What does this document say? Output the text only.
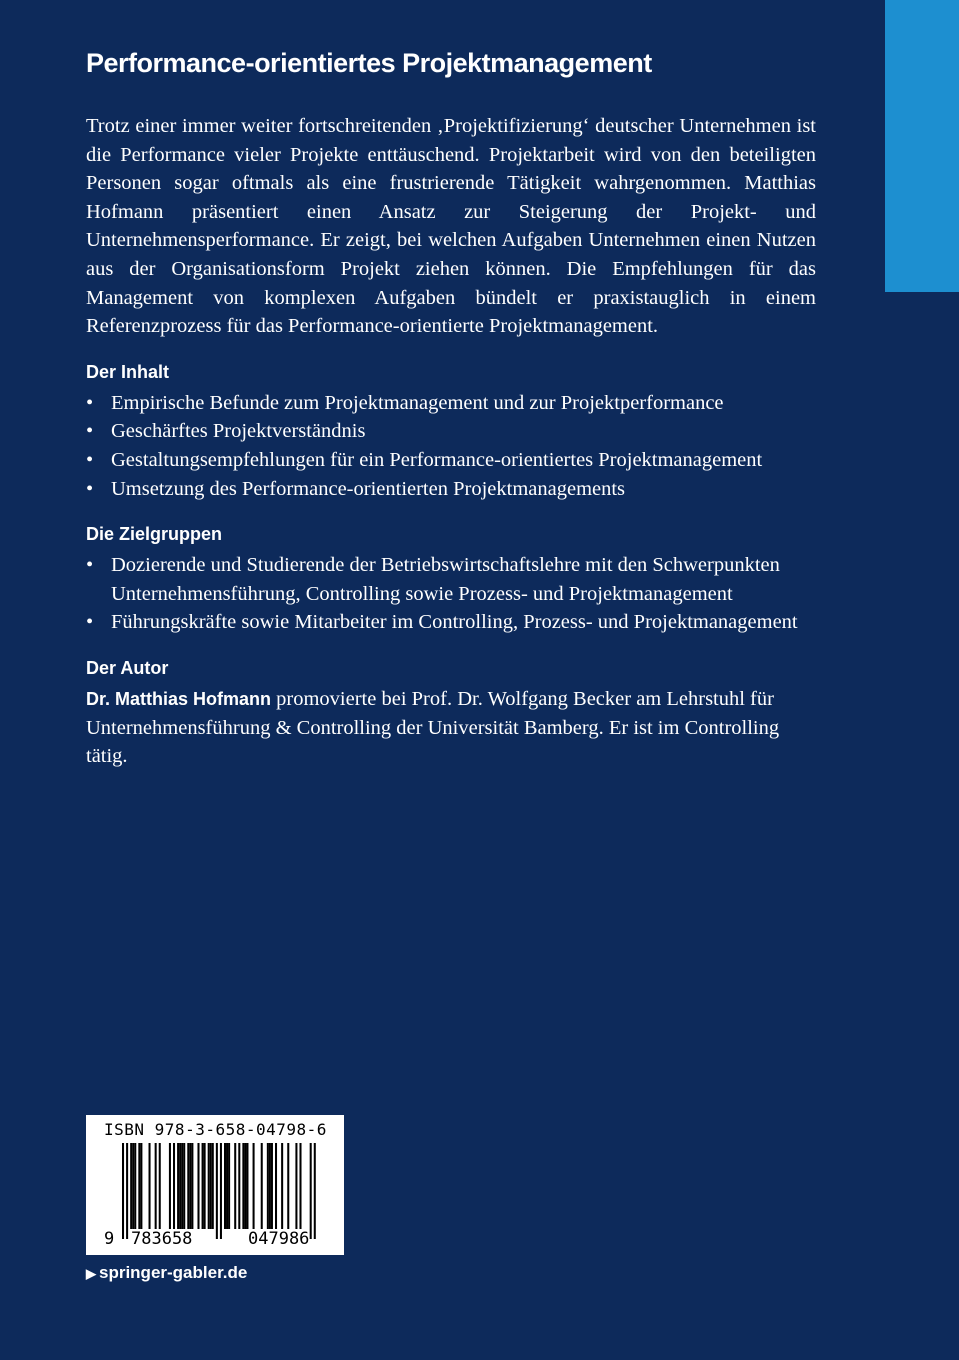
Performance-orientiertes Projektmanagement

Trotz einer immer weiter fortschreitenden ‚Projektifizierung‘ deutscher Unternehmen ist die Performance vieler Projekte enttäuschend. Projektarbeit wird von den beteiligten Personen sogar oftmals als eine frustrierende Tätigkeit wahrgenommen. Matthias Hofmann präsentiert einen Ansatz zur Steigerung der Projekt- und Unternehmensperformance. Er zeigt, bei welchen Aufgaben Unternehmen einen Nutzen aus der Organisationsform Projekt ziehen können. Die Empfehlungen für das Management von komplexen Aufgaben bündelt er praxistauglich in einem Referenzprozess für das Performance-orientierte Projektmanagement.

Der Inhalt
• Empirische Befunde zum Projektmanagement und zur Projektperformance
• Geschärftes Projektverständnis
• Gestaltungsempfehlungen für ein Performance-orientiertes Projektmanagement
• Umsetzung des Performance-orientierten Projektmanagements
Die Zielgruppen
• Dozierende und Studierende der Betriebswirtschaftslehre mit den Schwerpunkten Unternehmensführung, Controlling sowie Prozess- und Projektmanagement
• Führungskräfte sowie Mitarbeiter im Controlling, Prozess- und Projektmanagement
Der Autor

Dr. Matthias Hofmann promovierte bei Prof. Dr. Wolfgang Becker am Lehrstuhl für Unternehmensführung & Controlling der Universität Bamberg. Er ist im Controlling tätig.

ISBN 978-3-658-04798-6
9 783658	047986
▶ springer-gabler.de
